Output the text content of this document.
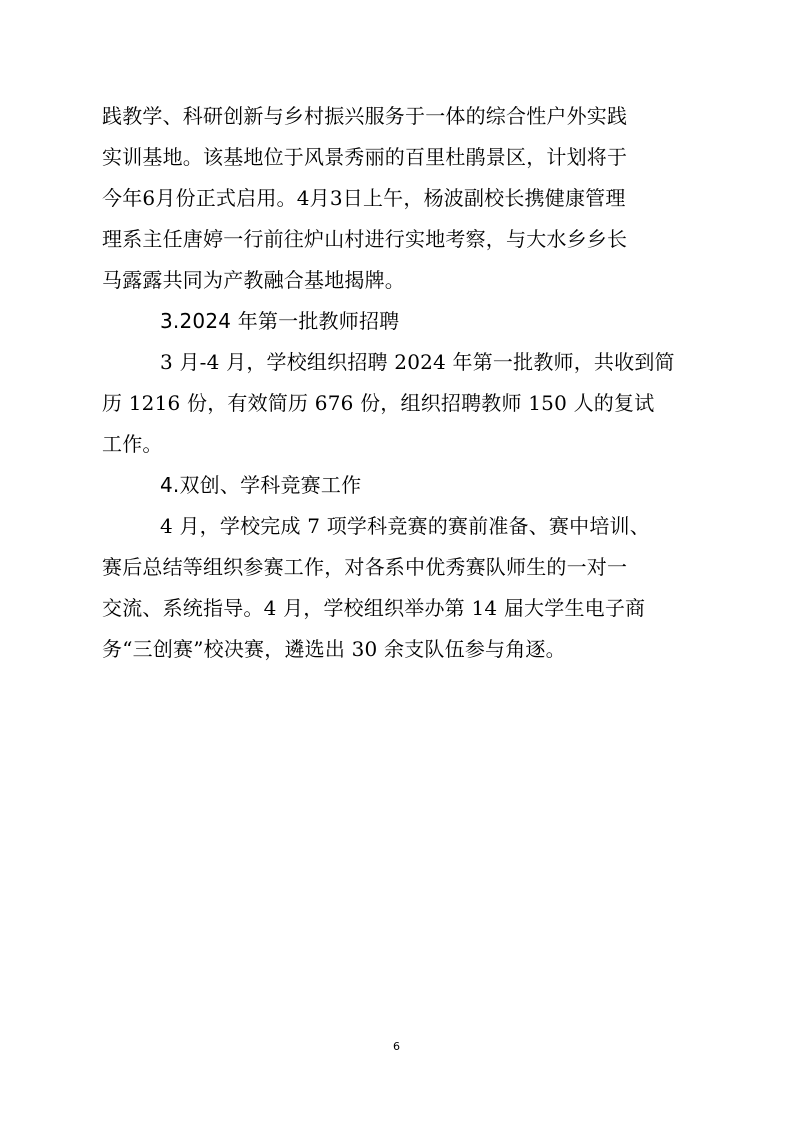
践教学、科研创新与乡村振兴服务于一体的综合性户外实践
实训基地。该基地位于风景秀丽的百里杜鹃景区，计划将于
今年6月份正式启用。4月3日上午，杨波副校长携健康管理
理系主任唐婷一行前往炉山村进行实地考察，与大水乡乡长
马露露共同为产教融合基地揭牌。
3.2024 年第一批教师招聘
3 月-4 月，学校组织招聘 2024 年第一批教师，共收到简
历 1216 份，有效简历 676 份，组织招聘教师 150 人的复试
工作。
4.双创、学科竞赛工作
4 月，学校完成 7 项学科竞赛的赛前准备、赛中培训、
赛后总结等组织参赛工作，对各系中优秀赛队师生的一对一
交流、系统指导。4 月，学校组织举办第 14 届大学生电子商
务“三创赛”校决赛，遴选出 30 余支队伍参与角逐。
6
